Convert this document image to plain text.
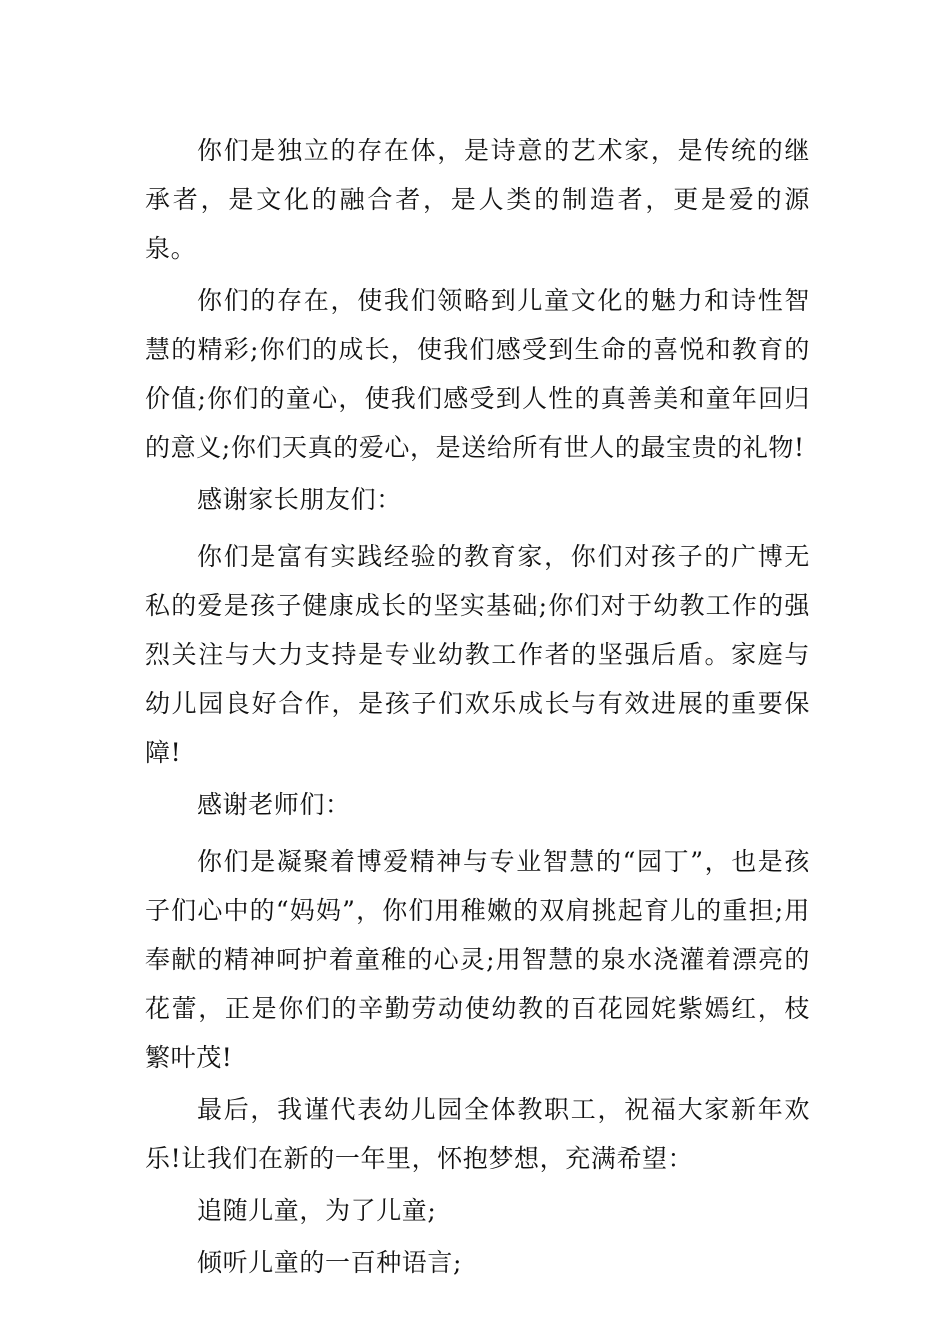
你们是独立的存在体，是诗意的艺术家，是传统的继承者，是文化的融合者，是人类的制造者，更是爱的源泉。

你们的存在，使我们领略到儿童文化的魅力和诗性智慧的精彩;你们的成长，使我们感受到生命的喜悦和教育的价值;你们的童心，使我们感受到人性的真善美和童年回归的意义;你们天真的爱心，是送给所有世人的最宝贵的礼物!

感谢家长朋友们：

你们是富有实践经验的教育家，你们对孩子的广博无私的爱是孩子健康成长的坚实基础;你们对于幼教工作的强烈关注与大力支持是专业幼教工作者的坚强后盾。家庭与幼儿园良好合作，是孩子们欢乐成长与有效进展的重要保障!

感谢老师们：

你们是凝聚着博爱精神与专业智慧的“园丁”，也是孩子们心中的“妈妈”，你们用稚嫩的双肩挑起育儿的重担;用奉献的精神呵护着童稚的心灵;用智慧的泉水浇灌着漂亮的花蕾，正是你们的辛勤劳动使幼教的百花园姹紫嫣红，枝繁叶茂!

最后，我谨代表幼儿园全体教职工，祝福大家新年欢乐!让我们在新的一年里，怀抱梦想，充满希望：

追随儿童，为了儿童;

倾听儿童的一百种语言;
